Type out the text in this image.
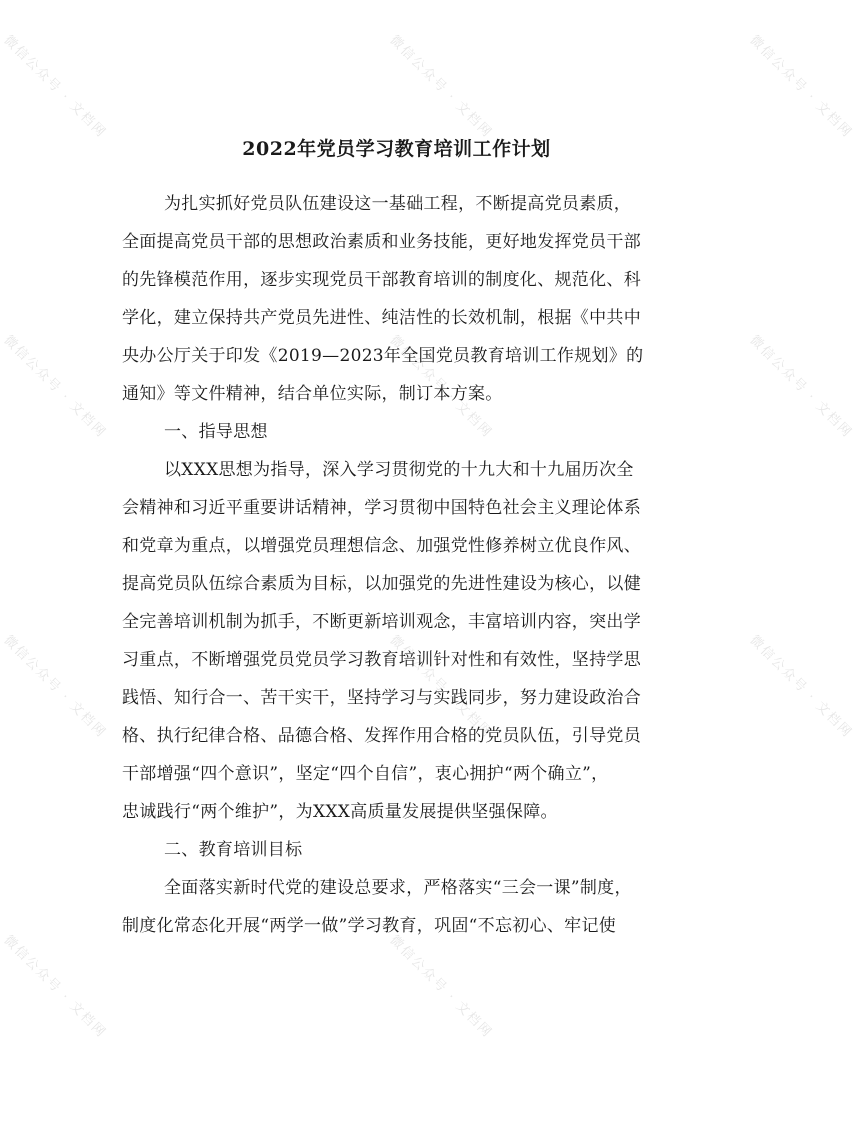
微信公众号 · 文档网	微信公众号 · 文档网	微信公众号 · 文档网
微信公众号 · 文档网	微信公众号 · 文档网	微信公众号 · 文档网
微信公众号 · 文档网	微信公众号 · 文档网	微信公众号 · 文档网
微信公众号 · 文档网	微信公众号 · 文档网
2022年党员学习教育培训工作计划
为扎实抓好党员队伍建设这一基础工程，不断提高党员素质，
全面提高党员干部的思想政治素质和业务技能，更好地发挥党员干部
的先锋模范作用，逐步实现党员干部教育培训的制度化、规范化、科
学化，建立保持共产党员先进性、纯洁性的长效机制，根据《中共中
央办公厅关于印发《2019—2023年全国党员教育培训工作规划》的
通知》等文件精神，结合单位实际，制订本方案。
一、指导思想
以XXX思想为指导，深入学习贯彻党的十九大和十九届历次全
会精神和习近平重要讲话精神，学习贯彻中国特色社会主义理论体系
和党章为重点，以增强党员理想信念、加强党性修养树立优良作风、
提高党员队伍综合素质为目标，以加强党的先进性建设为核心，以健
全完善培训机制为抓手，不断更新培训观念，丰富培训内容，突出学
习重点，不断增强党员党员学习教育培训针对性和有效性，坚持学思
践悟、知行合一、苦干实干，坚持学习与实践同步，努力建设政治合
格、执行纪律合格、品德合格、发挥作用合格的党员队伍，引导党员
干部增强“四个意识”，坚定“四个自信”，衷心拥护“两个确立”，
忠诚践行“两个维护”，为XXX高质量发展提供坚强保障。
二、教育培训目标
全面落实新时代党的建设总要求，严格落实“三会一课”制度，
制度化常态化开展“两学一做”学习教育，巩固“不忘初心、牢记使
